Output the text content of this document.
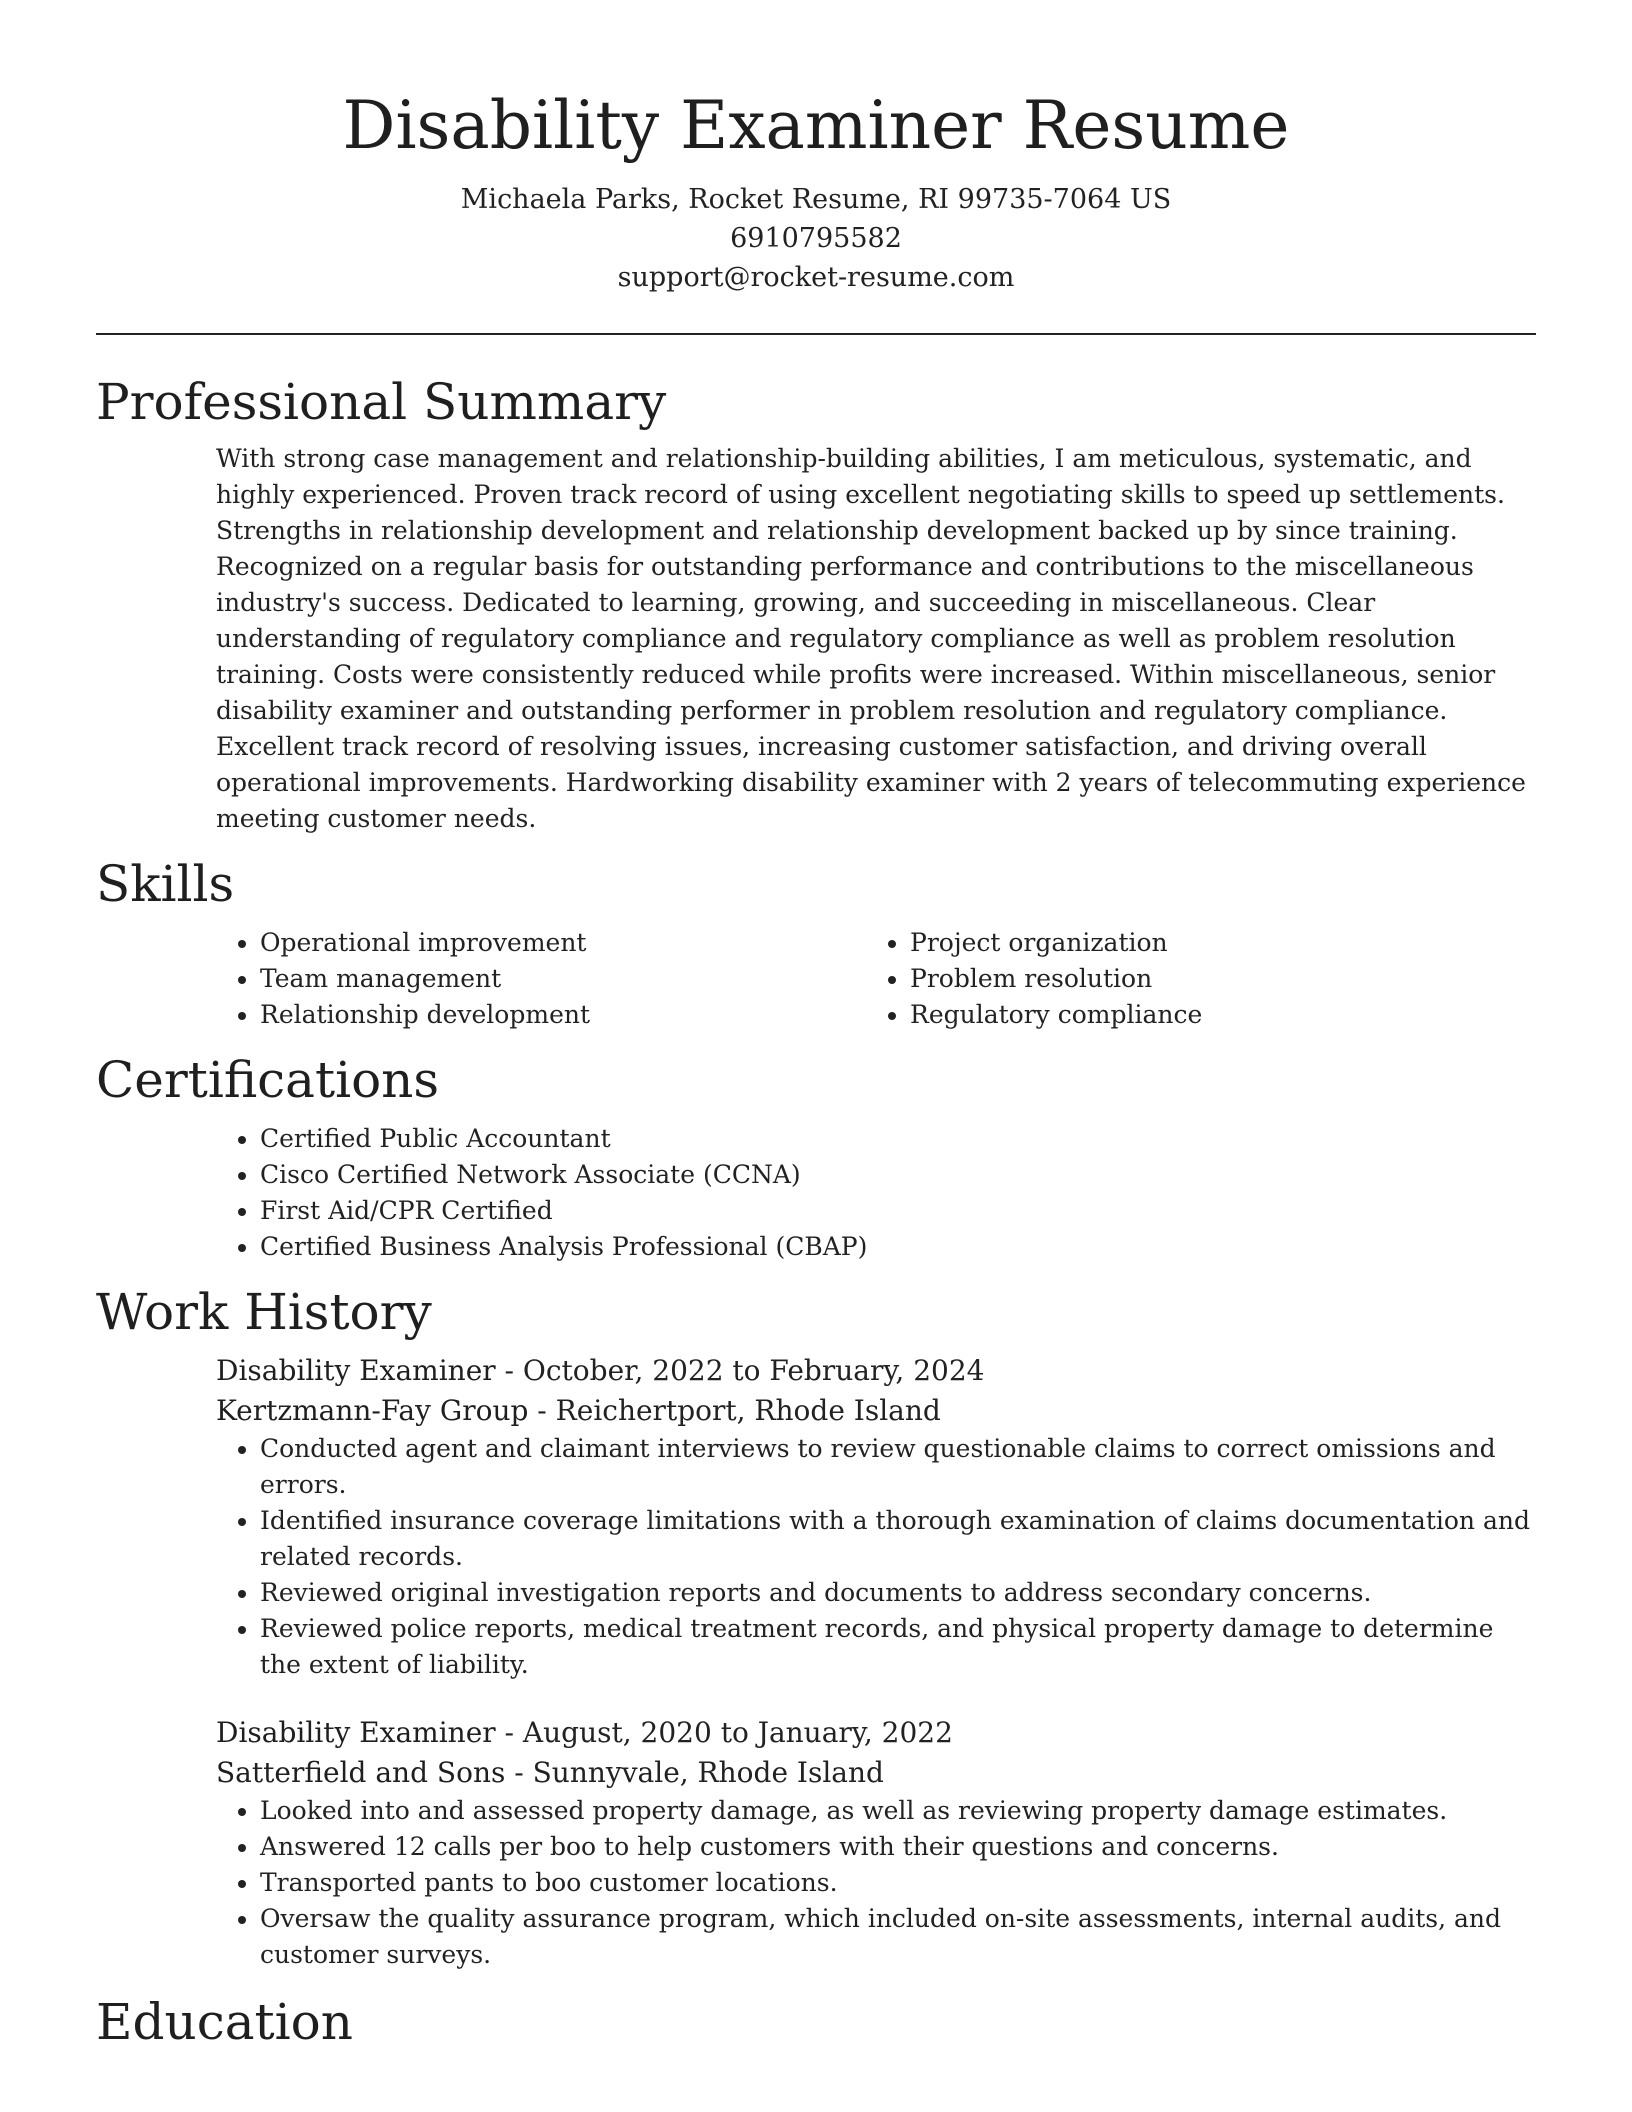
Disability Examiner Resume
Michaela Parks, Rocket Resume, RI 99735-7064 US
6910795582
support@rocket-resume.com
Professional Summary

With strong case management and relationship-building abilities, I am meticulous, systematic, and highly experienced. Proven track record of using excellent negotiating skills to speed up settlements. Strengths in relationship development and relationship development backed up by since training. Recognized on a regular basis for outstanding performance and contributions to the miscellaneous industry's success. Dedicated to learning, growing, and succeeding in miscellaneous. Clear understanding of regulatory compliance and regulatory compliance as well as problem resolution training. Costs were consistently reduced while profits were increased. Within miscellaneous, senior disability examiner and outstanding performer in problem resolution and regulatory compliance. Excellent track record of resolving issues, increasing customer satisfaction, and driving overall operational improvements. Hardworking disability examiner with 2 years of telecommuting experience meeting customer needs.

Skills
• Operational improvement
• Team management
• Relationship development
• Project organization
• Problem resolution
• Regulatory compliance
Certifications
• Certified Public Accountant
• Cisco Certified Network Associate (CCNA)
• First Aid/CPR Certified
• Certified Business Analysis Professional (CBAP)
Work History
Disability Examiner - October, 2022 to February, 2024
Kertzmann-Fay Group - Reichertport, Rhode Island
• Conducted agent and claimant interviews to review questionable claims to correct omissions and errors.
• Identified insurance coverage limitations with a thorough examination of claims documentation and related records.
• Reviewed original investigation reports and documents to address secondary concerns.
• Reviewed police reports, medical treatment records, and physical property damage to determine the extent of liability.
Disability Examiner - August, 2020 to January, 2022
Satterfield and Sons - Sunnyvale, Rhode Island
• Looked into and assessed property damage, as well as reviewing property damage estimates.
• Answered 12 calls per boo to help customers with their questions and concerns.
• Transported pants to boo customer locations.
• Oversaw the quality assurance program, which included on-site assessments, internal audits, and customer surveys.
Education
